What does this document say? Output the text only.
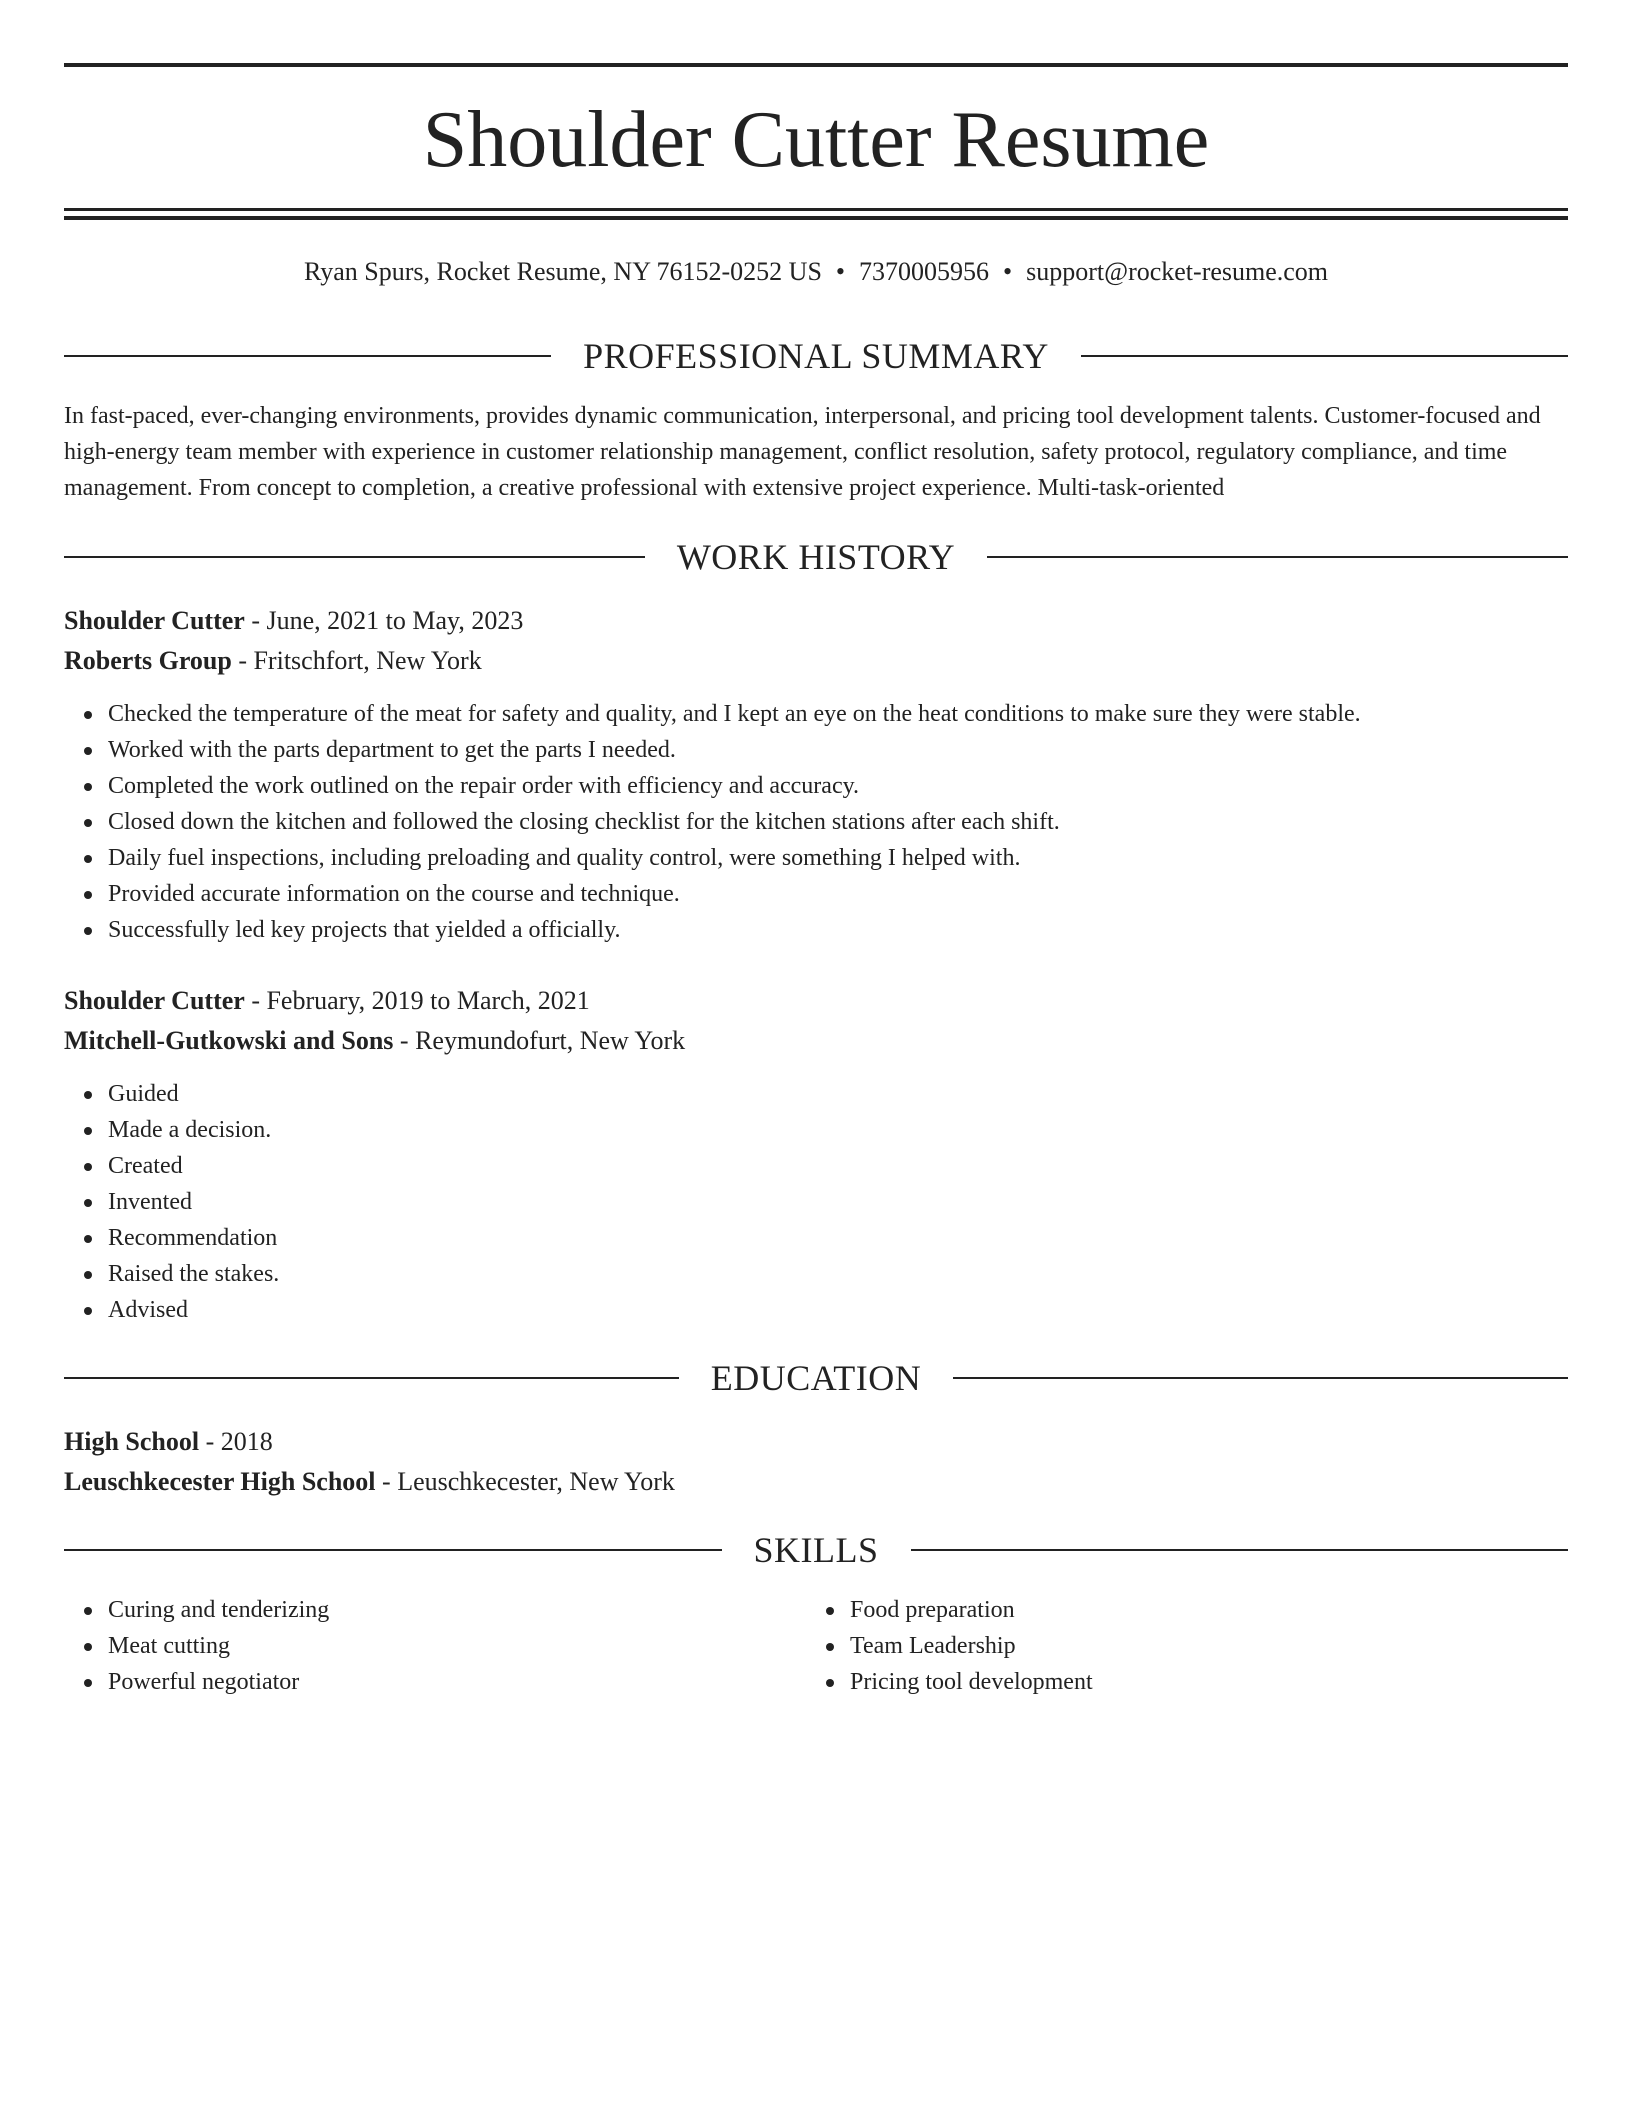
Shoulder Cutter Resume
Ryan Spurs, Rocket Resume, NY 76152-0252 US • 7370005956 • support@rocket-resume.com
PROFESSIONAL SUMMARY

In fast-paced, ever-changing environments, provides dynamic communication, interpersonal, and pricing tool development talents. Customer-focused and high-energy team member with experience in customer relationship management, conflict resolution, safety protocol, regulatory compliance, and time management. From concept to completion, a creative professional with extensive project experience. Multi-task-oriented

WORK HISTORY

Shoulder Cutter - June, 2021 to May, 2023

Roberts Group - Fritschfort, New York

Checked the temperature of the meat for safety and quality, and I kept an eye on the heat conditions to make sure they were stable.
Worked with the parts department to get the parts I needed.
Completed the work outlined on the repair order with efficiency and accuracy.
Closed down the kitchen and followed the closing checklist for the kitchen stations after each shift.
Daily fuel inspections, including preloading and quality control, were something I helped with.
Provided accurate information on the course and technique.
Successfully led key projects that yielded a officially.

Shoulder Cutter - February, 2019 to March, 2021

Mitchell-Gutkowski and Sons - Reymundofurt, New York

Guided
Made a decision.
Created
Invented
Recommendation
Raised the stakes.
Advised
EDUCATION

High School - 2018

Leuschkecester High School - Leuschkecester, New York

SKILLS
Curing and tenderizing
Meat cutting
Powerful negotiator
Food preparation
Team Leadership
Pricing tool development
